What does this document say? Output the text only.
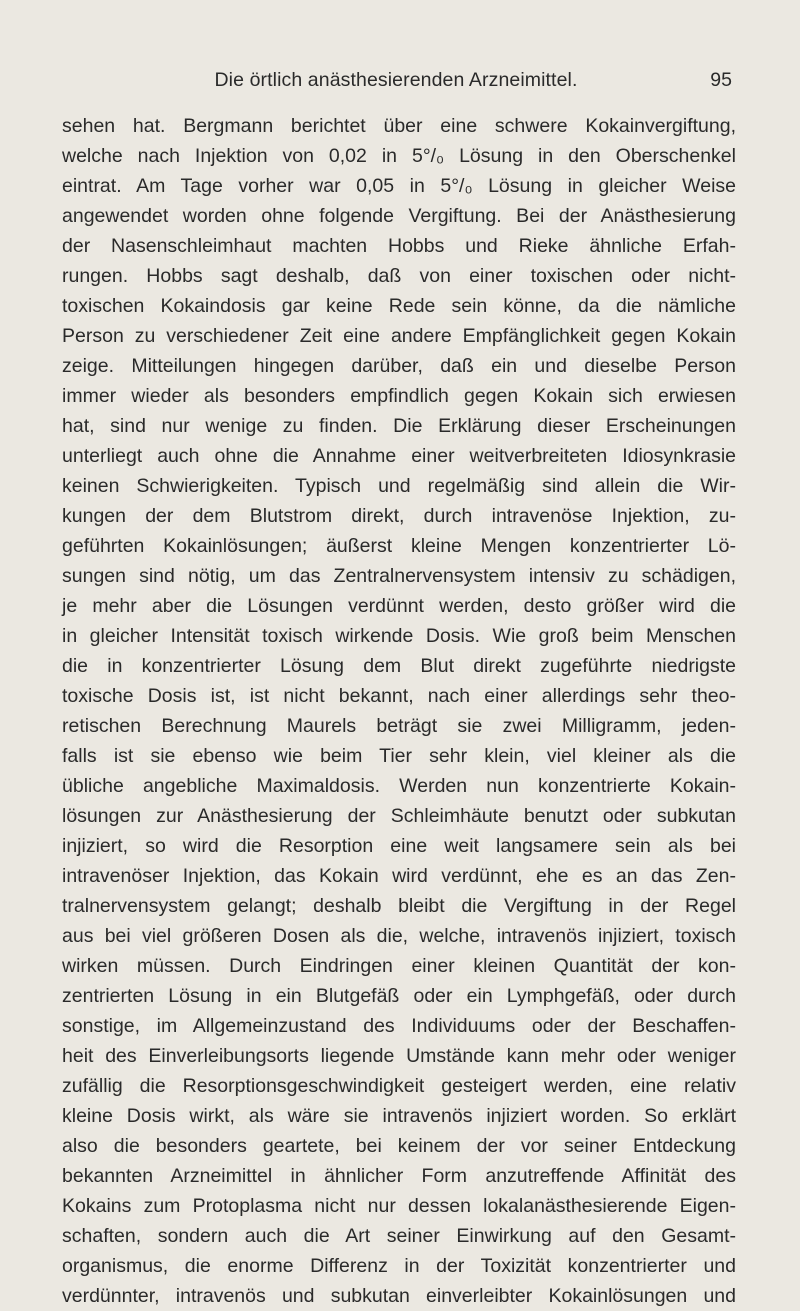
Die örtlich anästhesierenden Arzneimittel.	95
sehen hat. Bergmann berichtet über eine schwere Kokainvergiftung,
welche nach Injektion von 0,02 in 5°/₀ Lösung in den Oberschenkel
eintrat. Am Tage vorher war 0,05 in 5°/₀ Lösung in gleicher Weise
angewendet worden ohne folgende Vergiftung. Bei der Anästhesierung
der Nasenschleimhaut machten Hobbs und Rieke ähnliche Erfah-
rungen. Hobbs sagt deshalb, daß von einer toxischen oder nicht-
toxischen Kokaindosis gar keine Rede sein könne, da die nämliche
Person zu verschiedener Zeit eine andere Empfänglichkeit gegen Kokain
zeige. Mitteilungen hingegen darüber, daß ein und dieselbe Person
immer wieder als besonders empfindlich gegen Kokain sich erwiesen
hat, sind nur wenige zu finden. Die Erklärung dieser Erscheinungen
unterliegt auch ohne die Annahme einer weitverbreiteten Idiosynkrasie
keinen Schwierigkeiten. Typisch und regelmäßig sind allein die Wir-
kungen der dem Blutstrom direkt, durch intravenöse Injektion, zu-
geführten Kokainlösungen; äußerst kleine Mengen konzentrierter Lö-
sungen sind nötig, um das Zentralnervensystem intensiv zu schädigen,
je mehr aber die Lösungen verdünnt werden, desto größer wird die
in gleicher Intensität toxisch wirkende Dosis. Wie groß beim Menschen
die in konzentrierter Lösung dem Blut direkt zugeführte niedrigste
toxische Dosis ist, ist nicht bekannt, nach einer allerdings sehr theo-
retischen Berechnung Maurels beträgt sie zwei Milligramm, jeden-
falls ist sie ebenso wie beim Tier sehr klein, viel kleiner als die
übliche angebliche Maximaldosis. Werden nun konzentrierte Kokain-
lösungen zur Anästhesierung der Schleimhäute benutzt oder subkutan
injiziert, so wird die Resorption eine weit langsamere sein als bei
intravenöser Injektion, das Kokain wird verdünnt, ehe es an das Zen-
tralnervensystem gelangt; deshalb bleibt die Vergiftung in der Regel
aus bei viel größeren Dosen als die, welche, intravenös injiziert, toxisch
wirken müssen. Durch Eindringen einer kleinen Quantität der kon-
zentrierten Lösung in ein Blutgefäß oder ein Lymphgefäß, oder durch
sonstige, im Allgemeinzustand des Individuums oder der Beschaffen-
heit des Einverleibungsorts liegende Umstände kann mehr oder weniger
zufällig die Resorptionsgeschwindigkeit gesteigert werden, eine relativ
kleine Dosis wirkt, als wäre sie intravenös injiziert worden. So erklärt
also die besonders geartete, bei keinem der vor seiner Entdeckung
bekannten Arzneimittel in ähnlicher Form anzutreffende Affinität des
Kokains zum Protoplasma nicht nur dessen lokalanästhesierende Eigen-
schaften, sondern auch die Art seiner Einwirkung auf den Gesamt-
organismus, die enorme Differenz in der Toxizität konzentrierter und
verdünnter, intravenös und subkutan einverleibter Kokainlösungen und
